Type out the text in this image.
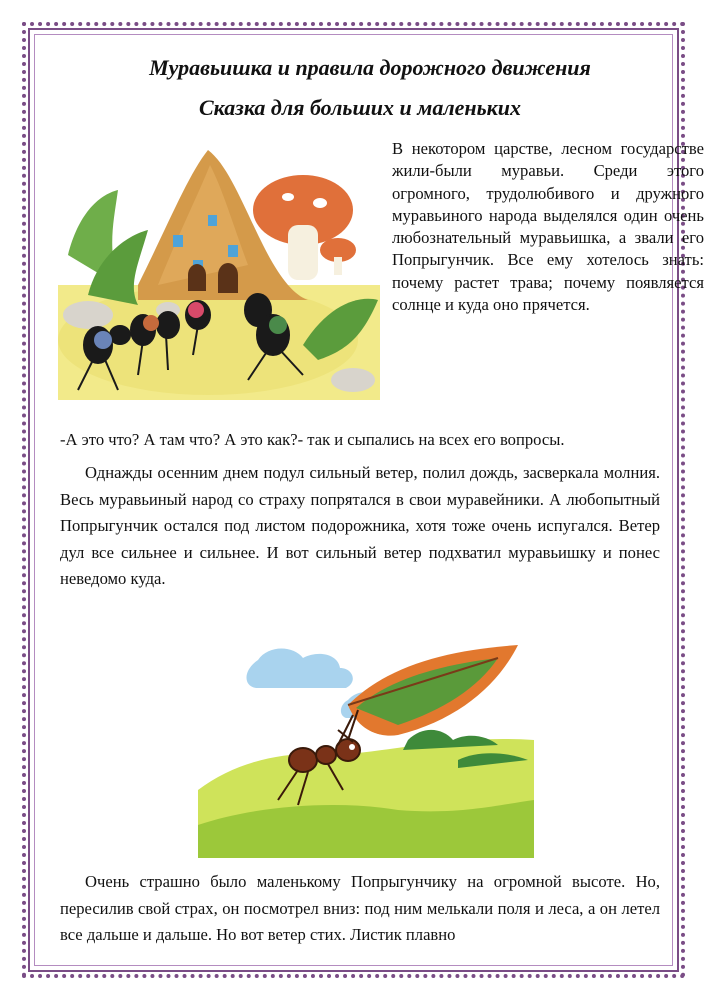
Муравьишка и правила дорожного движения
Сказка для больших и маленьких

В некотором царстве, лесном государстве жили-были муравьи. Среди этого огромного, трудолюбивого и дружного муравьиного народа выделялся один очень любознательный муравьишка, а звали его Попрыгунчик. Все ему хотелось знать: почему растет трава; почему появляется солнце и куда оно прячется.

-А это что? А там что? А это как?- так и сыпались на всех его вопросы.

Однажды осенним днем подул сильный ветер, полил дождь, засверкала молния. Весь муравьиный народ со страху попрятался в свои муравейники. А любопытный Попрыгунчик остался под листом подорожника, хотя тоже очень испугался. Ветер дул все сильнее и сильнее. И вот сильный ветер подхватил муравьишку и понес неведомо куда.

Очень страшно было маленькому Попрыгунчику на огромной высоте. Но, пересилив свой страх, он посмотрел вниз: под ним мелькали поля и леса, а он летел все дальше и дальше. Но вот ветер стих. Листик плавно
